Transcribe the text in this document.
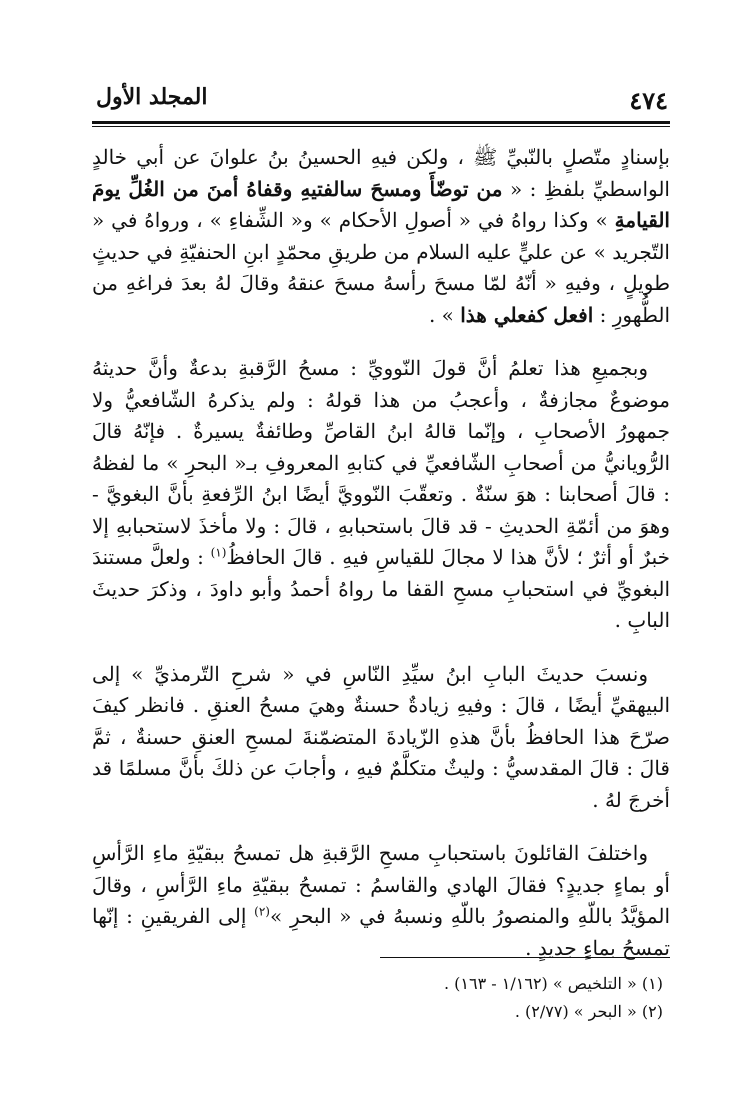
المجلد الأول	٤٧٤

بإسنادٍ متّصلٍ بالنّبيِّ ﷺ ، ولكن فيهِ الحسينُ بنُ علوانَ عن أبي خالدٍ الواسطيِّ بلفظِ : « من توضّأَ ومسحَ سالفتيهِ وقفاهُ أمنَ من الغُلِّ يومَ القيامةِ » وكذا رواهُ في « أصولِ الأحكام » و« الشِّفاءِ » ، ورواهُ في « التّجريد » عن عليٍّ عليه السلام من طريقِ محمّدٍ ابنِ الحنفيّةِ في حديثٍ طويلٍ ، وفيهِ « أنّهُ لمّا مسحَ رأسهُ مسحَ عنقهُ وقالَ لهُ بعدَ فراغهِ من الطُّهورِ : افعل كفعلي هذا » .

وبجميعِ هذا تعلمُ أنَّ قولَ النّوويِّ : مسحُ الرَّقبةِ بدعةٌ وأنَّ حديثهُ موضوعٌ مجازفةٌ ، وأعجبُ من هذا قولهُ : ولم يذكرهُ الشّافعيُّ ولا جمهورُ الأصحابِ ، وإنّما قالهُ ابنُ القاصِّ وطائفةٌ يسيرةٌ . فإنّهُ قالَ الرُّويانيُّ من أصحابِ الشّافعيِّ في كتابهِ المعروفِ بـ« البحرِ » ما لفظهُ : قالَ أصحابنا : هوَ سنّةٌ . وتعقّبَ النّوويَّ أيضًا ابنُ الرِّفعةِ بأنَّ البغويَّ - وهوَ من أئمّةِ الحديثِ - قد قالَ باستحبابهِ ، قالَ : ولا مأخذَ لاستحبابهِ إلا خبرٌ أو أثرٌ ؛ لأنَّ هذا لا مجالَ للقياسِ فيهِ . قالَ الحافظُ$^{(١)}$ : ولعلَّ مستندَ البغويِّ في استحبابِ مسحِ القفا ما رواهُ أحمدُ وأبو داودَ ، وذكرَ حديثَ البابِ .

ونسبَ حديثَ البابِ ابنُ سيِّدِ النّاسِ في « شرحِ التّرمذيِّ » إلى البيهقيِّ أيضًا ، قالَ : وفيهِ زيادةٌ حسنةٌ وهيَ مسحُ العنقِ . فانظر كيفَ صرّحَ هذا الحافظُ بأنَّ هذهِ الزّيادةَ المتضمّنةَ لمسحِ العنقِ حسنةٌ ، ثمَّ قالَ : قالَ المقدسيُّ : وليثٌ متكلَّمٌ فيهِ ، وأجابَ عن ذلكَ بأنَّ مسلمًا قد أخرجَ لهُ .

واختلفَ القائلونَ باستحبابِ مسحِ الرَّقبةِ هل تمسحُ ببقيّةِ ماءِ الرَّأسِ أو بماءٍ جديدٍ؟ فقالَ الهادي والقاسمُ : تمسحُ ببقيّةِ ماءِ الرَّأسِ ، وقالَ المؤيَّدُ باللّهِ والمنصورُ باللّهِ ونسبهُ في « البحرِ »$^{(٢)}$ إلى الفريقينِ : إنّها تمسحُ بماءٍ جديدٍ .

(١) « التلخيص » (١/١٦٢ - ١٦٣) .
(٢) « البحر » (٢/٧٧) .
